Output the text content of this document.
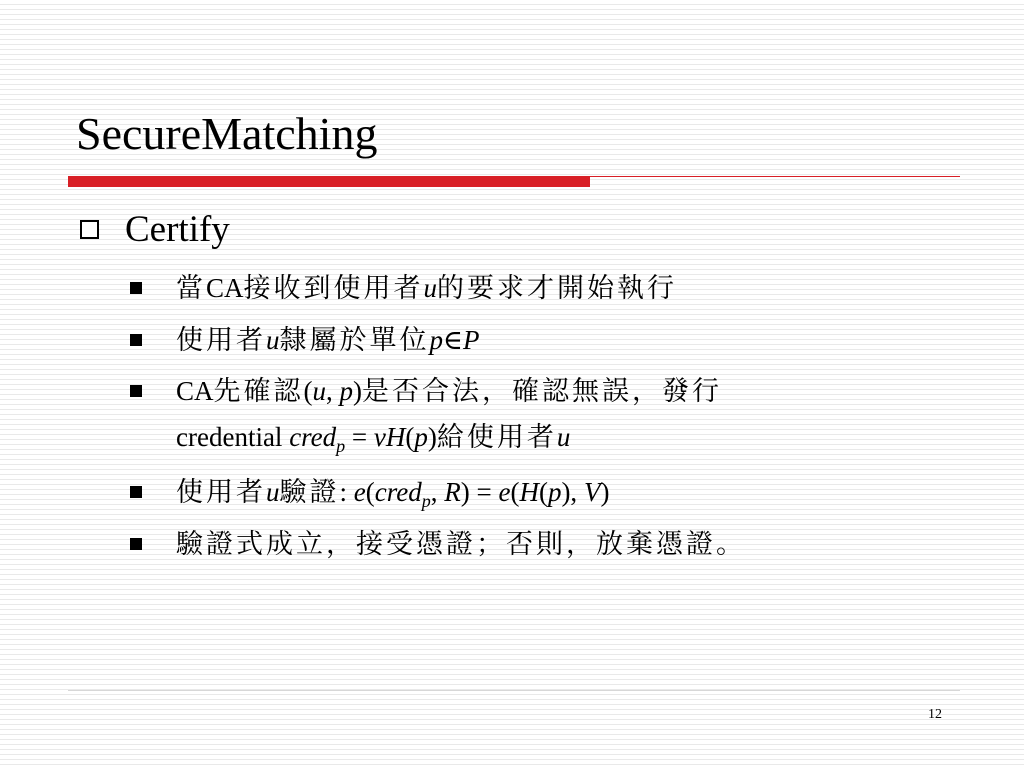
SecureMatching
Certify
當CA接收到使用者u的要求才開始執行
使用者u隸屬於單位p∈P
CA先確認(u, p)是否合法，確認無誤，發行
credential cred$_p$ = vH(p)給使用者u
使用者u驗證: e(cred$_p$, R) = e(H(p), V)
驗證式成立，接受憑證；否則，放棄憑證。
12
